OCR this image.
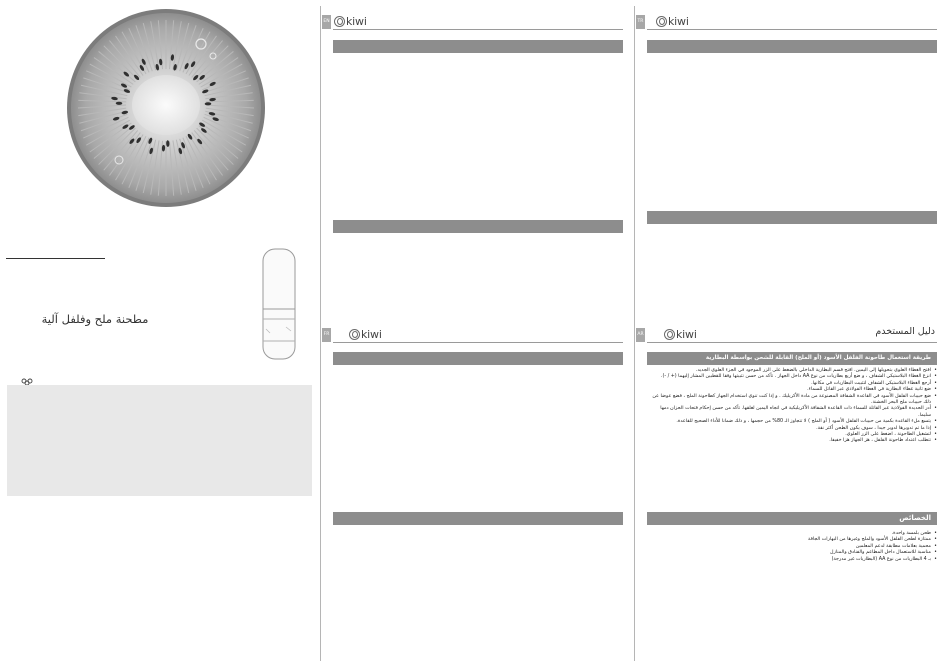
مطحنة ملح وفلفل آلية
EN kiwi	TR kiwi
FR	kiwi	AR	kiwi	دليل المستخدم
طريقة استعمال طاحونة الفلفل الأسود (أو الملح) القابلة للشحن بواسطة البطارية
• افتح الغطاء العلوي بتحويلها إلى اليمين. افتح قسم البطارية الداخلي بالضغط على الزر الموجود في الجزء العلوي الجديد.
• انزع الغطاء البلاستيكي الشفاف ، و ضع أربع بطاريات من نوع AA داخل الجهاز . تأكد من حسن تثبيتها وفقا للقطبين المشار إليهما (+ / -).
• أرجع الغطاء البلاستيكي الشفاف لتثبيت البطاريات في مكانها.
• ضع ثانية غطاء البطارية في الغطاء الفولاذي عبر القاتل للسماء.
• ضع حبيبات الفلفل الأسود في القاعدة الشفافة المصنوعة من مادة الأكريليك . و إذا كنت تنوي استخدام الجهاز كطاحونة الملح ، فضع عوضا عن ذلك حبيبات ملح البحر الخشنة.
• أدر الحديدة الفولاذية عبر القاتلة للسماء ذات القاعدة الشفافة الأكريليكية في اتجاه اليمين لغلقها. تأكد من حسن إحكام فتحات الحزان دمها سليما.
• يتسع ملء القاعدة بكمية من حبيبات الفلفل الأسود ( أو الملح ) لا تتجاوز الـ 80% من حجمها ، و ذلك ضمانا للأداء الصحيح للقاعدة.
• إذا ما تم تدويرها لدوير جيدا ، سوف يكون الطحن أكثر نقة.
• لتشغيل الطاحونة ، اضغط على الزر العلوي.
• تتطلب اعتداد طاحونة الفلفل ، هز الجهاز هزا خفيفا.
الخصائص
• طحن بلمسة واحدة.
• ممتازة لطحن الفلفل الأسود والملح وغيرها من البهارات الجافة
• محمية بعلامات مطابقة لدعم المعلمين
• مناسبة للاستعمال داخل المطاعم والفنادق والمنازل
• بـ 4 البطاريات من نوع AA (البطاريات غير مدرجة)
